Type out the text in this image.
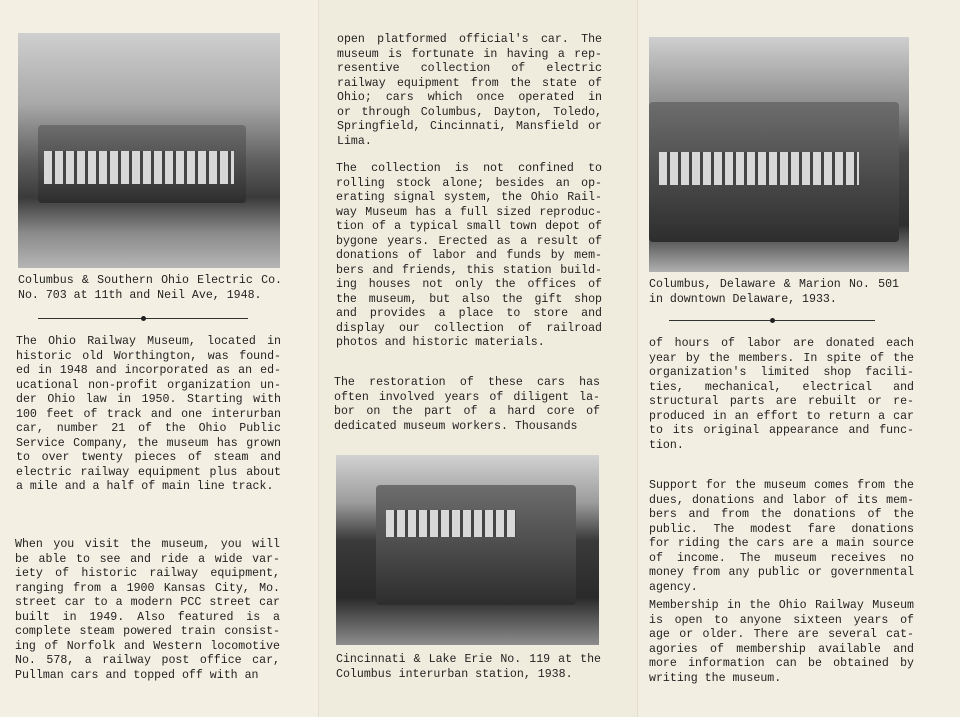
Columbus & Southern Ohio Electric Co.
No. 703 at 11th and Neil Ave, 1948.
The Ohio Railway Museum, located in
historic old Worthington, was found-
ed in 1948 and incorporated as an ed-
ucational non-profit organization un-
der Ohio law in 1950. Starting with
100 feet of track and one interurban
car, number 21 of the Ohio Public
Service Company, the museum has grown
to over twenty pieces of steam and
electric railway equipment plus about
a mile and a half of main line track.
When you visit the museum, you will
be able to see and ride a wide var-
iety of historic railway equipment,
ranging from a 1900 Kansas City, Mo.
street car to a modern PCC street car
built in 1949. Also featured is a
complete steam powered train consist-
ing of Norfolk and Western locomotive
No. 578, a railway post office car,
Pullman cars and topped off with an
open platformed official's car. The
museum is fortunate in having a rep-
resentive collection of electric
railway equipment from the state of
Ohio; cars which once operated in
or through Columbus, Dayton, Toledo,
Springfield, Cincinnati, Mansfield or
Lima.
The collection is not confined to
rolling stock alone; besides an op-
erating signal system, the Ohio Rail-
way Museum has a full sized reproduc-
tion of a typical small town depot of
bygone years. Erected as a result of
donations of labor and funds by mem-
bers and friends, this station build-
ing houses not only the offices of
the museum, but also the gift shop
and provides a place to store and
display our collection of railroad
photos and historic materials.
The restoration of these cars has
often involved years of diligent la-
bor on the part of a hard core of
dedicated museum workers. Thousands
Cincinnati & Lake Erie No. 119 at the
Columbus interurban station, 1938.
Columbus, Delaware & Marion No. 501
in downtown Delaware, 1933.
of hours of labor are donated each
year by the members. In spite of the
organization's limited shop facili-
ties, mechanical, electrical and
structural parts are rebuilt or re-
produced in an effort to return a car
to its original appearance and func-
tion.
Support for the museum comes from the
dues, donations and labor of its mem-
bers and from the donations of the
public. The modest fare donations
for riding the cars are a main source
of income. The museum receives no
money from any public or governmental
agency.
Membership in the Ohio Railway Museum
is open to anyone sixteen years of
age or older. There are several cat-
agories of membership available and
more information can be obtained by
writing the museum.
